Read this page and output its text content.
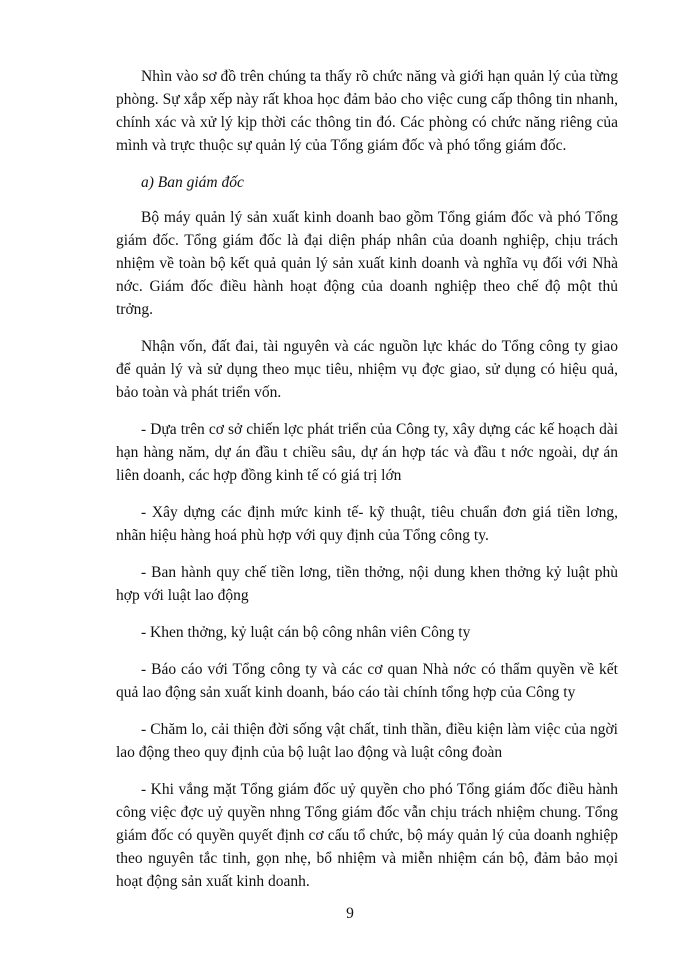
Nhìn vào sơ đồ trên chúng ta thấy rõ chức năng và giới hạn quản lý của từng phòng. Sự xắp xếp này rất khoa học đảm bảo cho việc cung cấp thông tin nhanh, chính xác và xử lý kịp thời các thông tin đó. Các phòng có chức năng riêng của mình và trực thuộc sự quản lý của Tổng giám đốc và phó tổng giám đốc.

a) Ban giám đốc

Bộ máy quản lý sản xuất kinh doanh bao gồm Tổng giám đốc và phó Tổng giám đốc. Tổng giám đốc là đại diện pháp nhân của doanh nghiệp, chịu trách nhiệm về toàn bộ kết quả quản lý sản xuất kinh doanh và nghĩa vụ đối với Nhà nớc. Giám đốc điều hành hoạt động của doanh nghiệp theo chế độ một thủ trởng.

Nhận vốn, đất đai, tài nguyên và các nguồn lực khác do Tổng công ty giao để quản lý và sử dụng theo mục tiêu, nhiệm vụ đợc giao, sử dụng có hiệu quả, bảo toàn và phát triển vốn.

- Dựa trên cơ sở chiến lợc phát triển của Công ty, xây dựng các kế hoạch dài hạn hàng năm, dự án đầu t chiều sâu, dự án hợp tác và đầu t nớc ngoài, dự án liên doanh, các hợp đồng kinh tế có giá trị lớn

- Xây dựng các định mức kinh tế- kỹ thuật, tiêu chuẩn đơn giá tiền lơng, nhãn hiệu hàng hoá phù hợp với quy định của Tổng công ty.

- Ban hành quy chế tiền lơng, tiền thởng, nội dung khen thởng kỷ luật phù hợp với luật lao động

- Khen thởng, kỷ luật cán bộ công nhân viên Công ty

- Báo cáo với Tổng công ty và các cơ quan Nhà nớc có thẩm quyền về kết quả lao động sản xuất kinh doanh, báo cáo tài chính tổng hợp của Công ty

- Chăm lo, cải thiện đời sống vật chất, tinh thần, điều kiện làm việc của ngời lao động theo quy định của bộ luật lao động và luật công đoàn

- Khi vắng mặt Tổng giám đốc uỷ quyền cho phó Tổng giám đốc điều hành công việc đợc uỷ quyền nhng Tổng giám đốc vẫn chịu trách nhiệm chung. Tổng giám đốc có quyền quyết định cơ cấu tổ chức, bộ máy quản lý của doanh nghiệp theo nguyên tắc tinh, gọn nhẹ, bổ nhiệm và miễn nhiệm cán bộ, đảm bảo mọi hoạt động sản xuất kinh doanh.

9
